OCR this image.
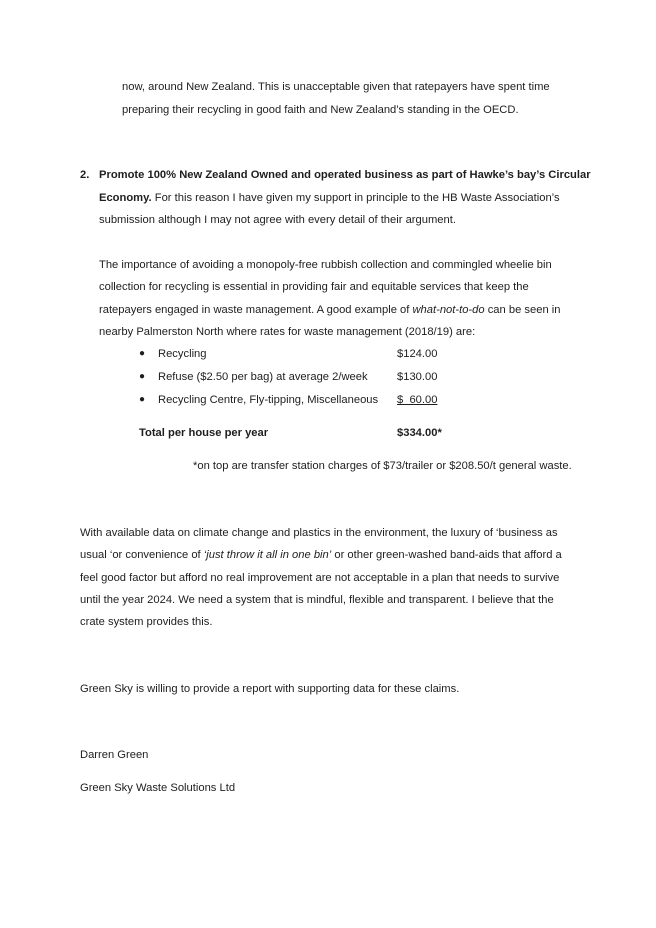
now, around New Zealand. This is unacceptable given that ratepayers have spent time
preparing their recycling in good faith and New Zealand’s standing in the OECD.
2. Promote 100% New Zealand Owned and operated business as part of Hawke’s bay’s Circular
Economy. For this reason I have given my support in principle to the HB Waste Association’s
submission although I may not agree with every detail of their argument.
The importance of avoiding a monopoly-free rubbish collection and commingled wheelie bin
collection for recycling is essential in providing fair and equitable services that keep the
ratepayers engaged in waste management. A good example of what-not-to-do can be seen in
nearby Palmerston North where rates for waste management (2018/19) are:
● Recycling	$124.00
● Refuse ($2.50 per bag) at average 2/week	$130.00
● Recycling Centre, Fly-tipping, Miscellaneous $  60.00
Total per house per year	$334.00*
*on top are transfer station charges of $73/trailer or $208.50/t general waste.
With available data on climate change and plastics in the environment, the luxury of ‘business as
usual ‘or convenience of ‘just throw it all in one bin’ or other green-washed band-aids that afford a
feel good factor but afford no real improvement are not acceptable in a plan that needs to survive
until the year 2024. We need a system that is mindful, flexible and transparent. I believe that the
crate system provides this.
Green Sky is willing to provide a report with supporting data for these claims.
Darren Green
Green Sky Waste Solutions Ltd
